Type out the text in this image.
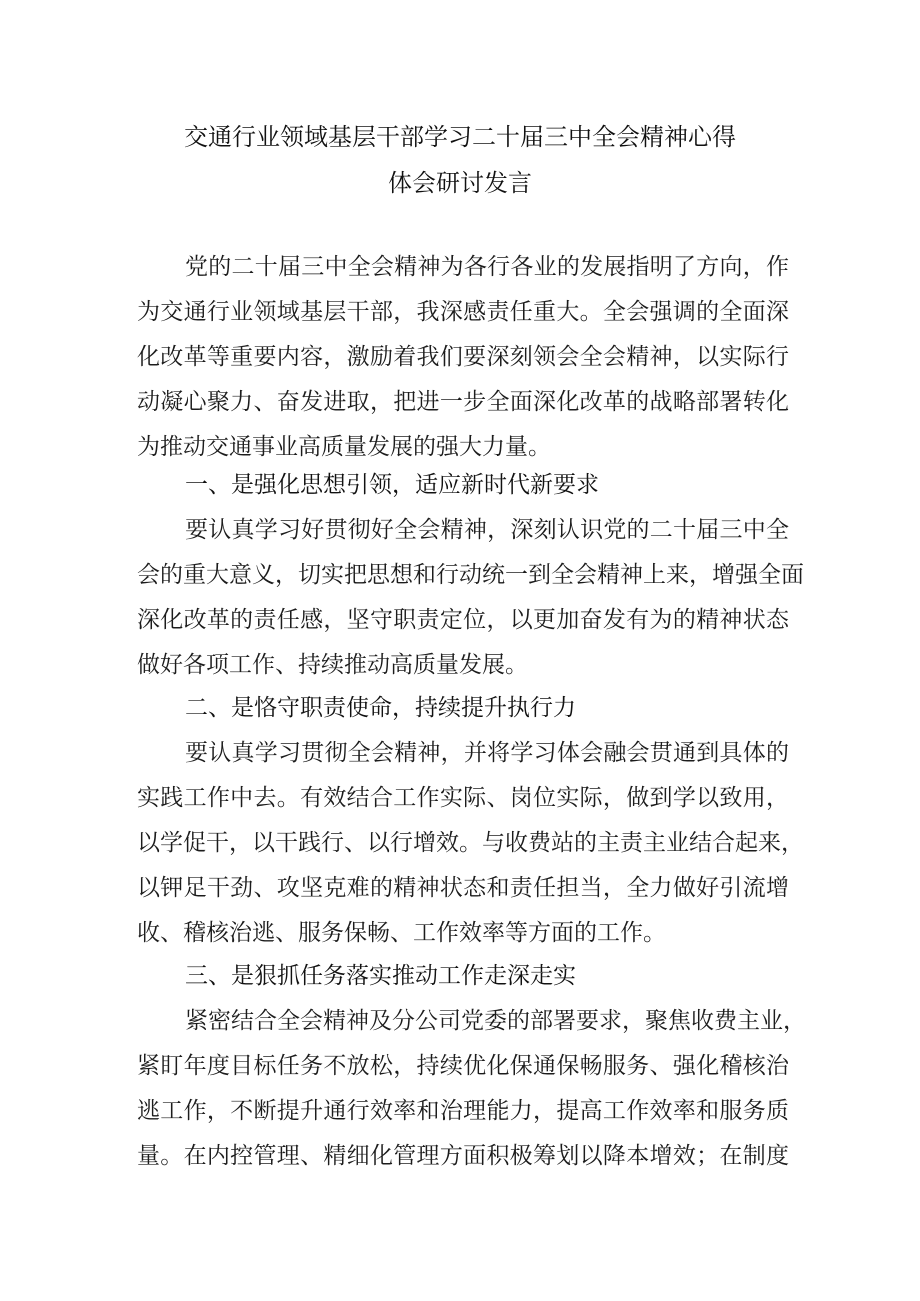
交通行业领域基层干部学习二十届三中全会精神心得
体会研讨发言
党的二十届三中全会精神为各行各业的发展指明了方向，作
为交通行业领域基层干部，我深感责任重大。全会强调的全面深
化改革等重要内容，激励着我们要深刻领会全会精神，以实际行
动凝心聚力、奋发进取，把进一步全面深化改革的战略部署转化
为推动交通事业高质量发展的强大力量。
一、是强化思想引领，适应新时代新要求
要认真学习好贯彻好全会精神，深刻认识党的二十届三中全
会的重大意义，切实把思想和行动统一到全会精神上来，增强全面
深化改革的责任感，坚守职责定位，以更加奋发有为的精神状态
做好各项工作、持续推动高质量发展。
二、是恪守职责使命，持续提升执行力
要认真学习贯彻全会精神，并将学习体会融会贯通到具体的
实践工作中去。有效结合工作实际、岗位实际，做到学以致用，
以学促干，以干践行、以行增效。与收费站的主责主业结合起来，
以钾足干劲、攻坚克难的精神状态和责任担当，全力做好引流增
收、稽核治逃、服务保畅、工作效率等方面的工作。
三、是狠抓任务落实推动工作走深走实
紧密结合全会精神及分公司党委的部署要求，聚焦收费主业，
紧盯年度目标任务不放松，持续优化保通保畅服务、强化稽核治
逃工作，不断提升通行效率和治理能力，提高工作效率和服务质
量。在内控管理、精细化管理方面积极筹划以降本增效；在制度
